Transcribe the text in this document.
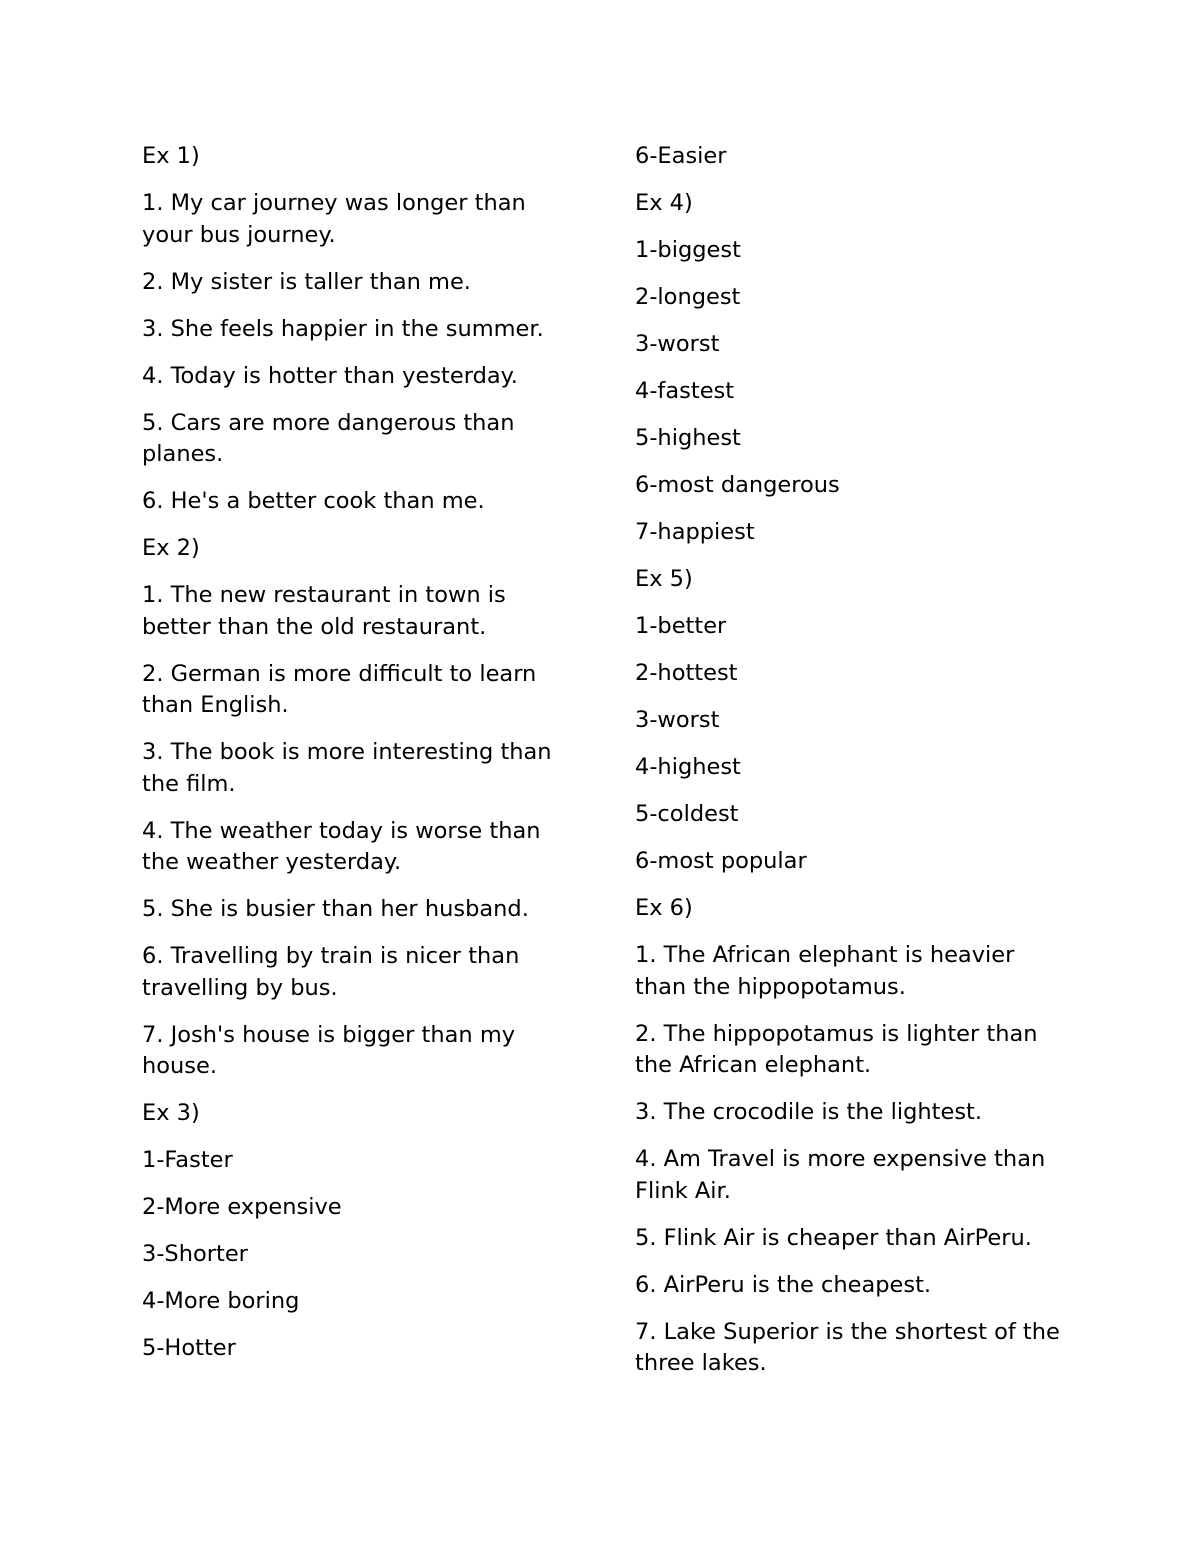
Ex 1)

1. My car journey was longer than your bus journey.

2. My sister is taller than me.

3. She feels happier in the summer.

4. Today is hotter than yesterday.

5. Cars are more dangerous than planes.

6. He's a better cook than me.

Ex 2)

1. The new restaurant in town is better than the old restaurant.

2. German is more difficult to learn than English.

3. The book is more interesting than the film.

4. The weather today is worse than the weather yesterday.

5. She is busier than her husband.

6. Travelling by train is nicer than travelling by bus.

7. Josh's house is bigger than my house.

Ex 3)

1-Faster

2-More expensive

3-Shorter

4-More boring

5-Hotter

6-Easier

Ex 4)

1-biggest

2-longest

3-worst

4-fastest

5-highest

6-most dangerous

7-happiest

Ex 5)

1-better

2-hottest

3-worst

4-highest

5-coldest

6-most popular

Ex 6)

1. The African elephant is heavier than the hippopotamus.

2. The hippopotamus is lighter than the African elephant.

3. The crocodile is the lightest.

4. Am Travel is more expensive than Flink Air.

5. Flink Air is cheaper than AirPeru.

6. AirPeru is the cheapest.

7. Lake Superior is the shortest of the three lakes.
